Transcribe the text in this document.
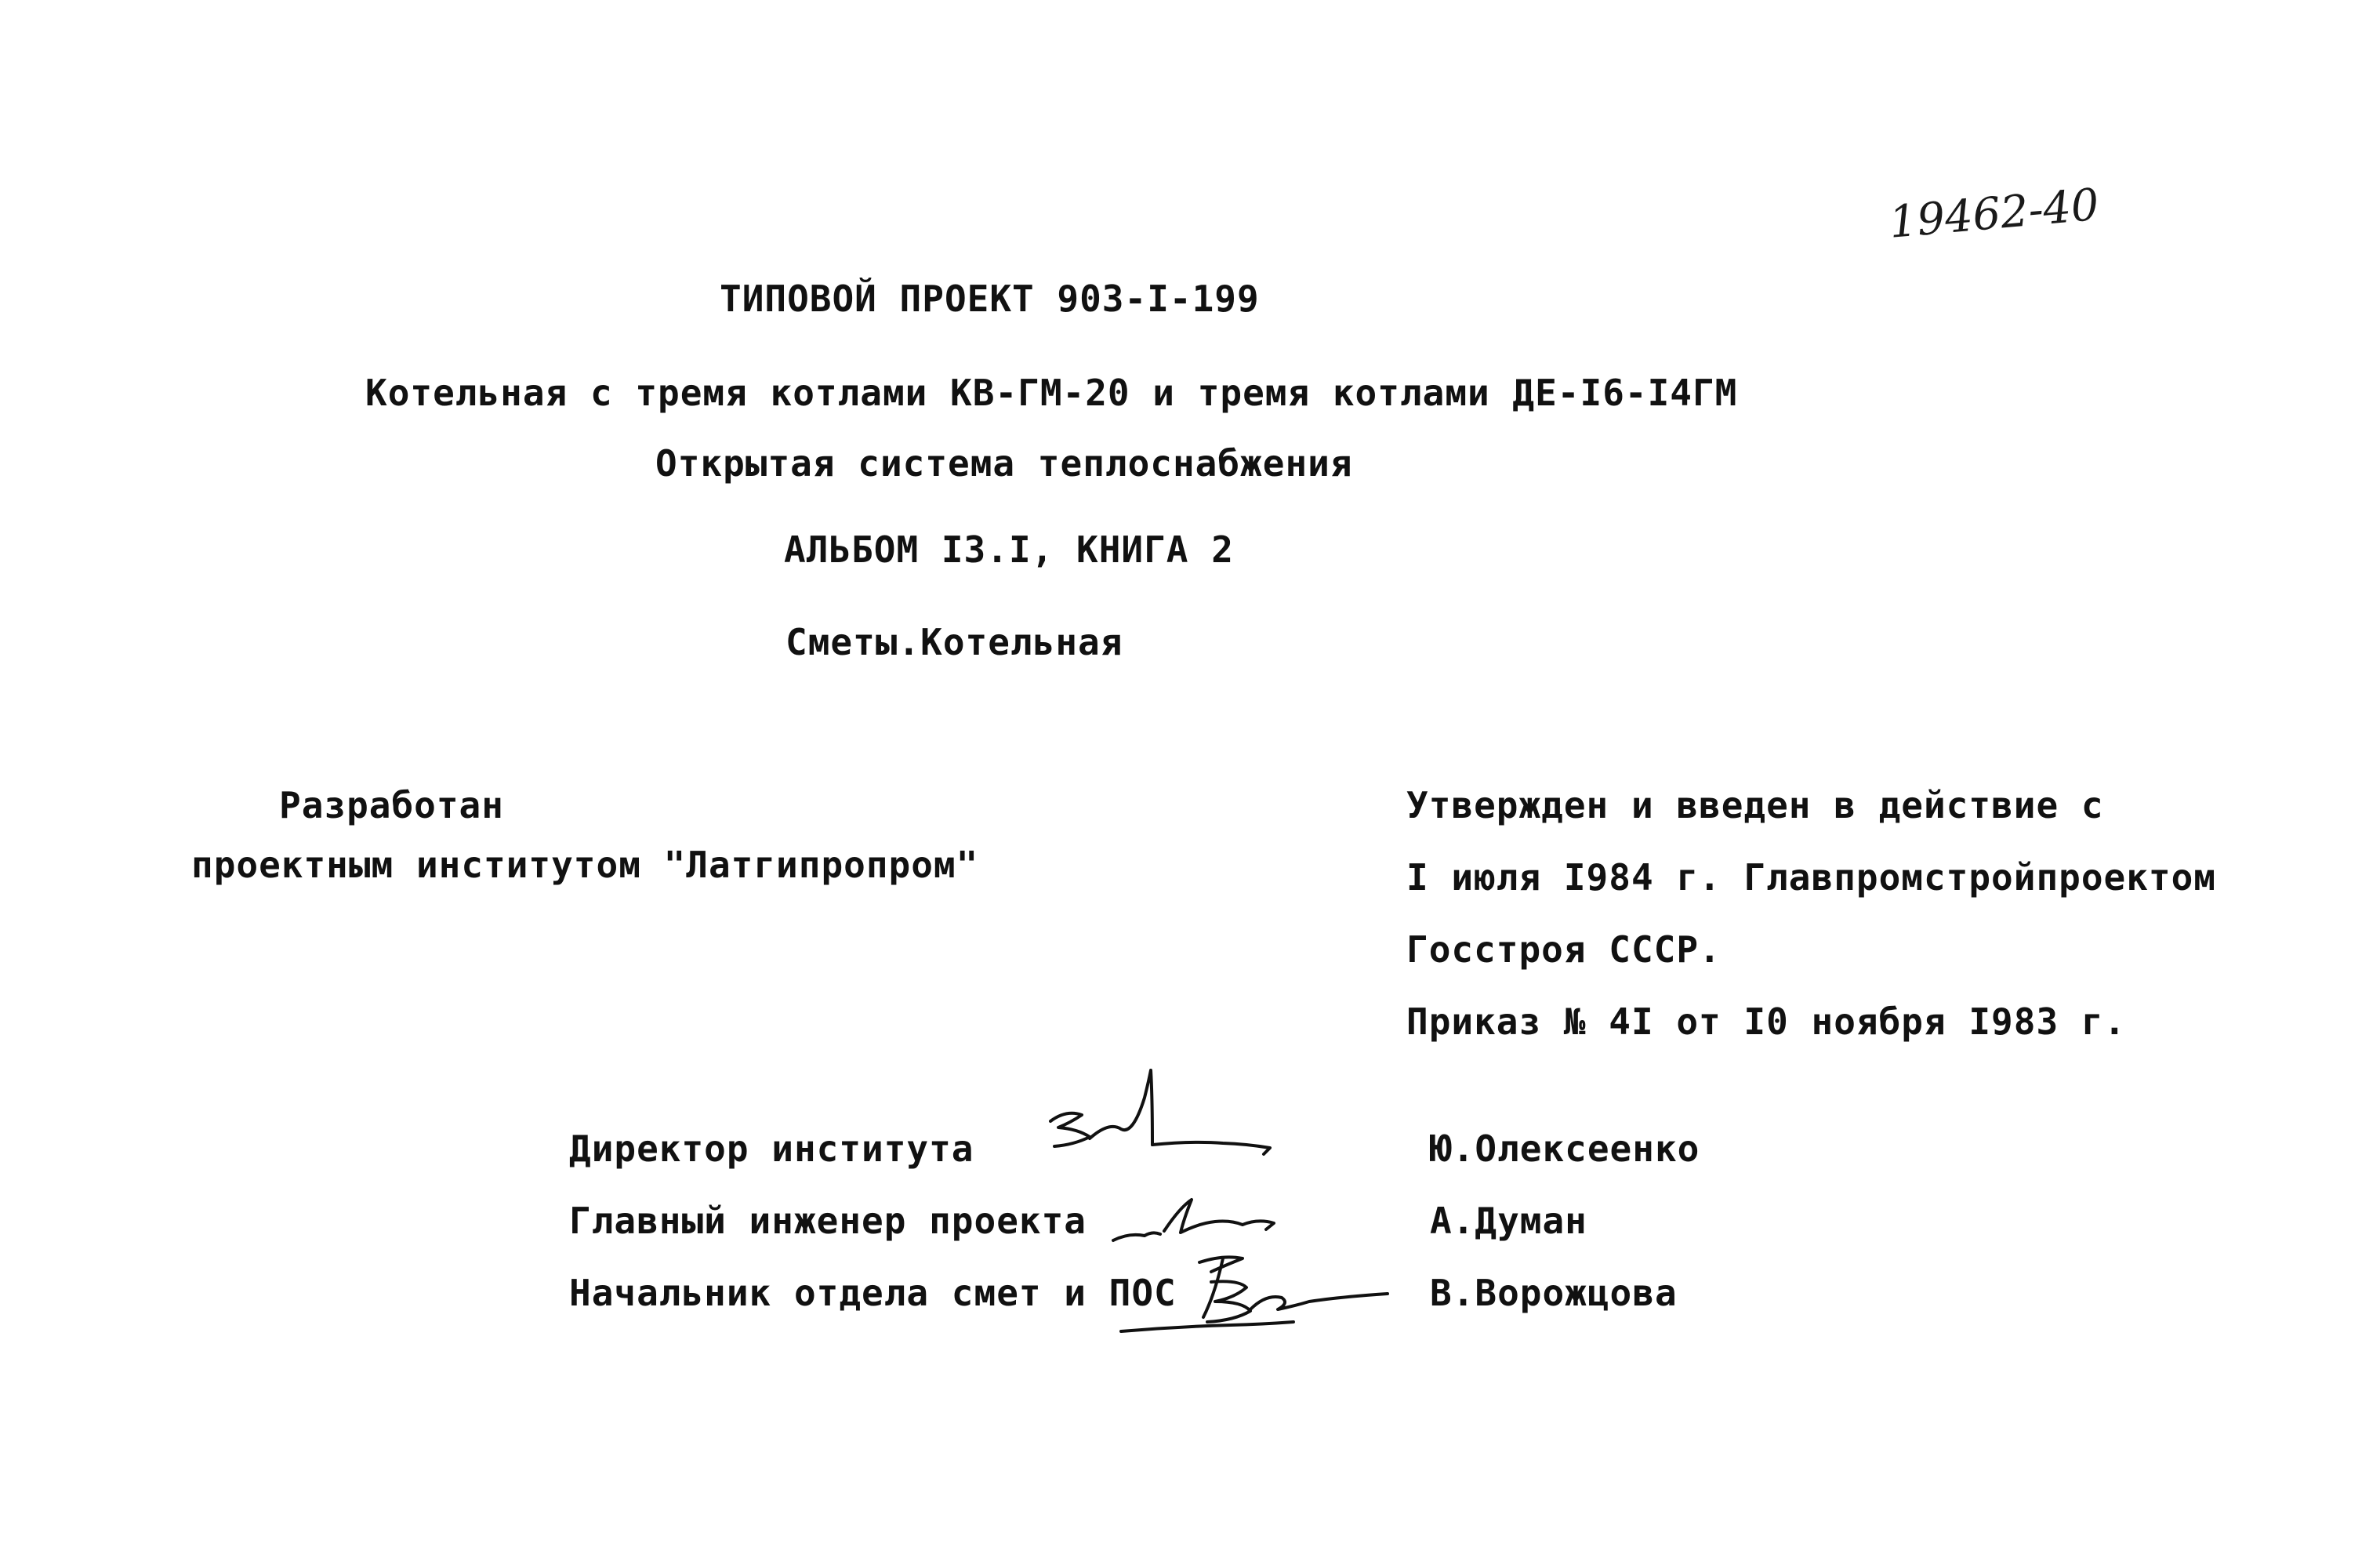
19462-40
ТИПОВОЙ ПРОЕКТ 903-I-199
Котельная с тремя котлами КВ-ГМ-20 и тремя котлами ДЕ-I6-I4ГМ
Открытая система теплоснабжения
АЛЬБОМ I3.I, КНИГА 2
Сметы.Котельная
Разработан
проектным институтом "Латгипропром"
Утвержден и введен в действие с
I июля I984 г. Главпромстройпроектом
Госстроя СССР.
Приказ № 4I от I0 ноября I983 г.
Директор института
Главный инженер проекта
Начальник отдела смет и ПОС
Ю.Олексеенко
А.Думан
В.Ворожцова
